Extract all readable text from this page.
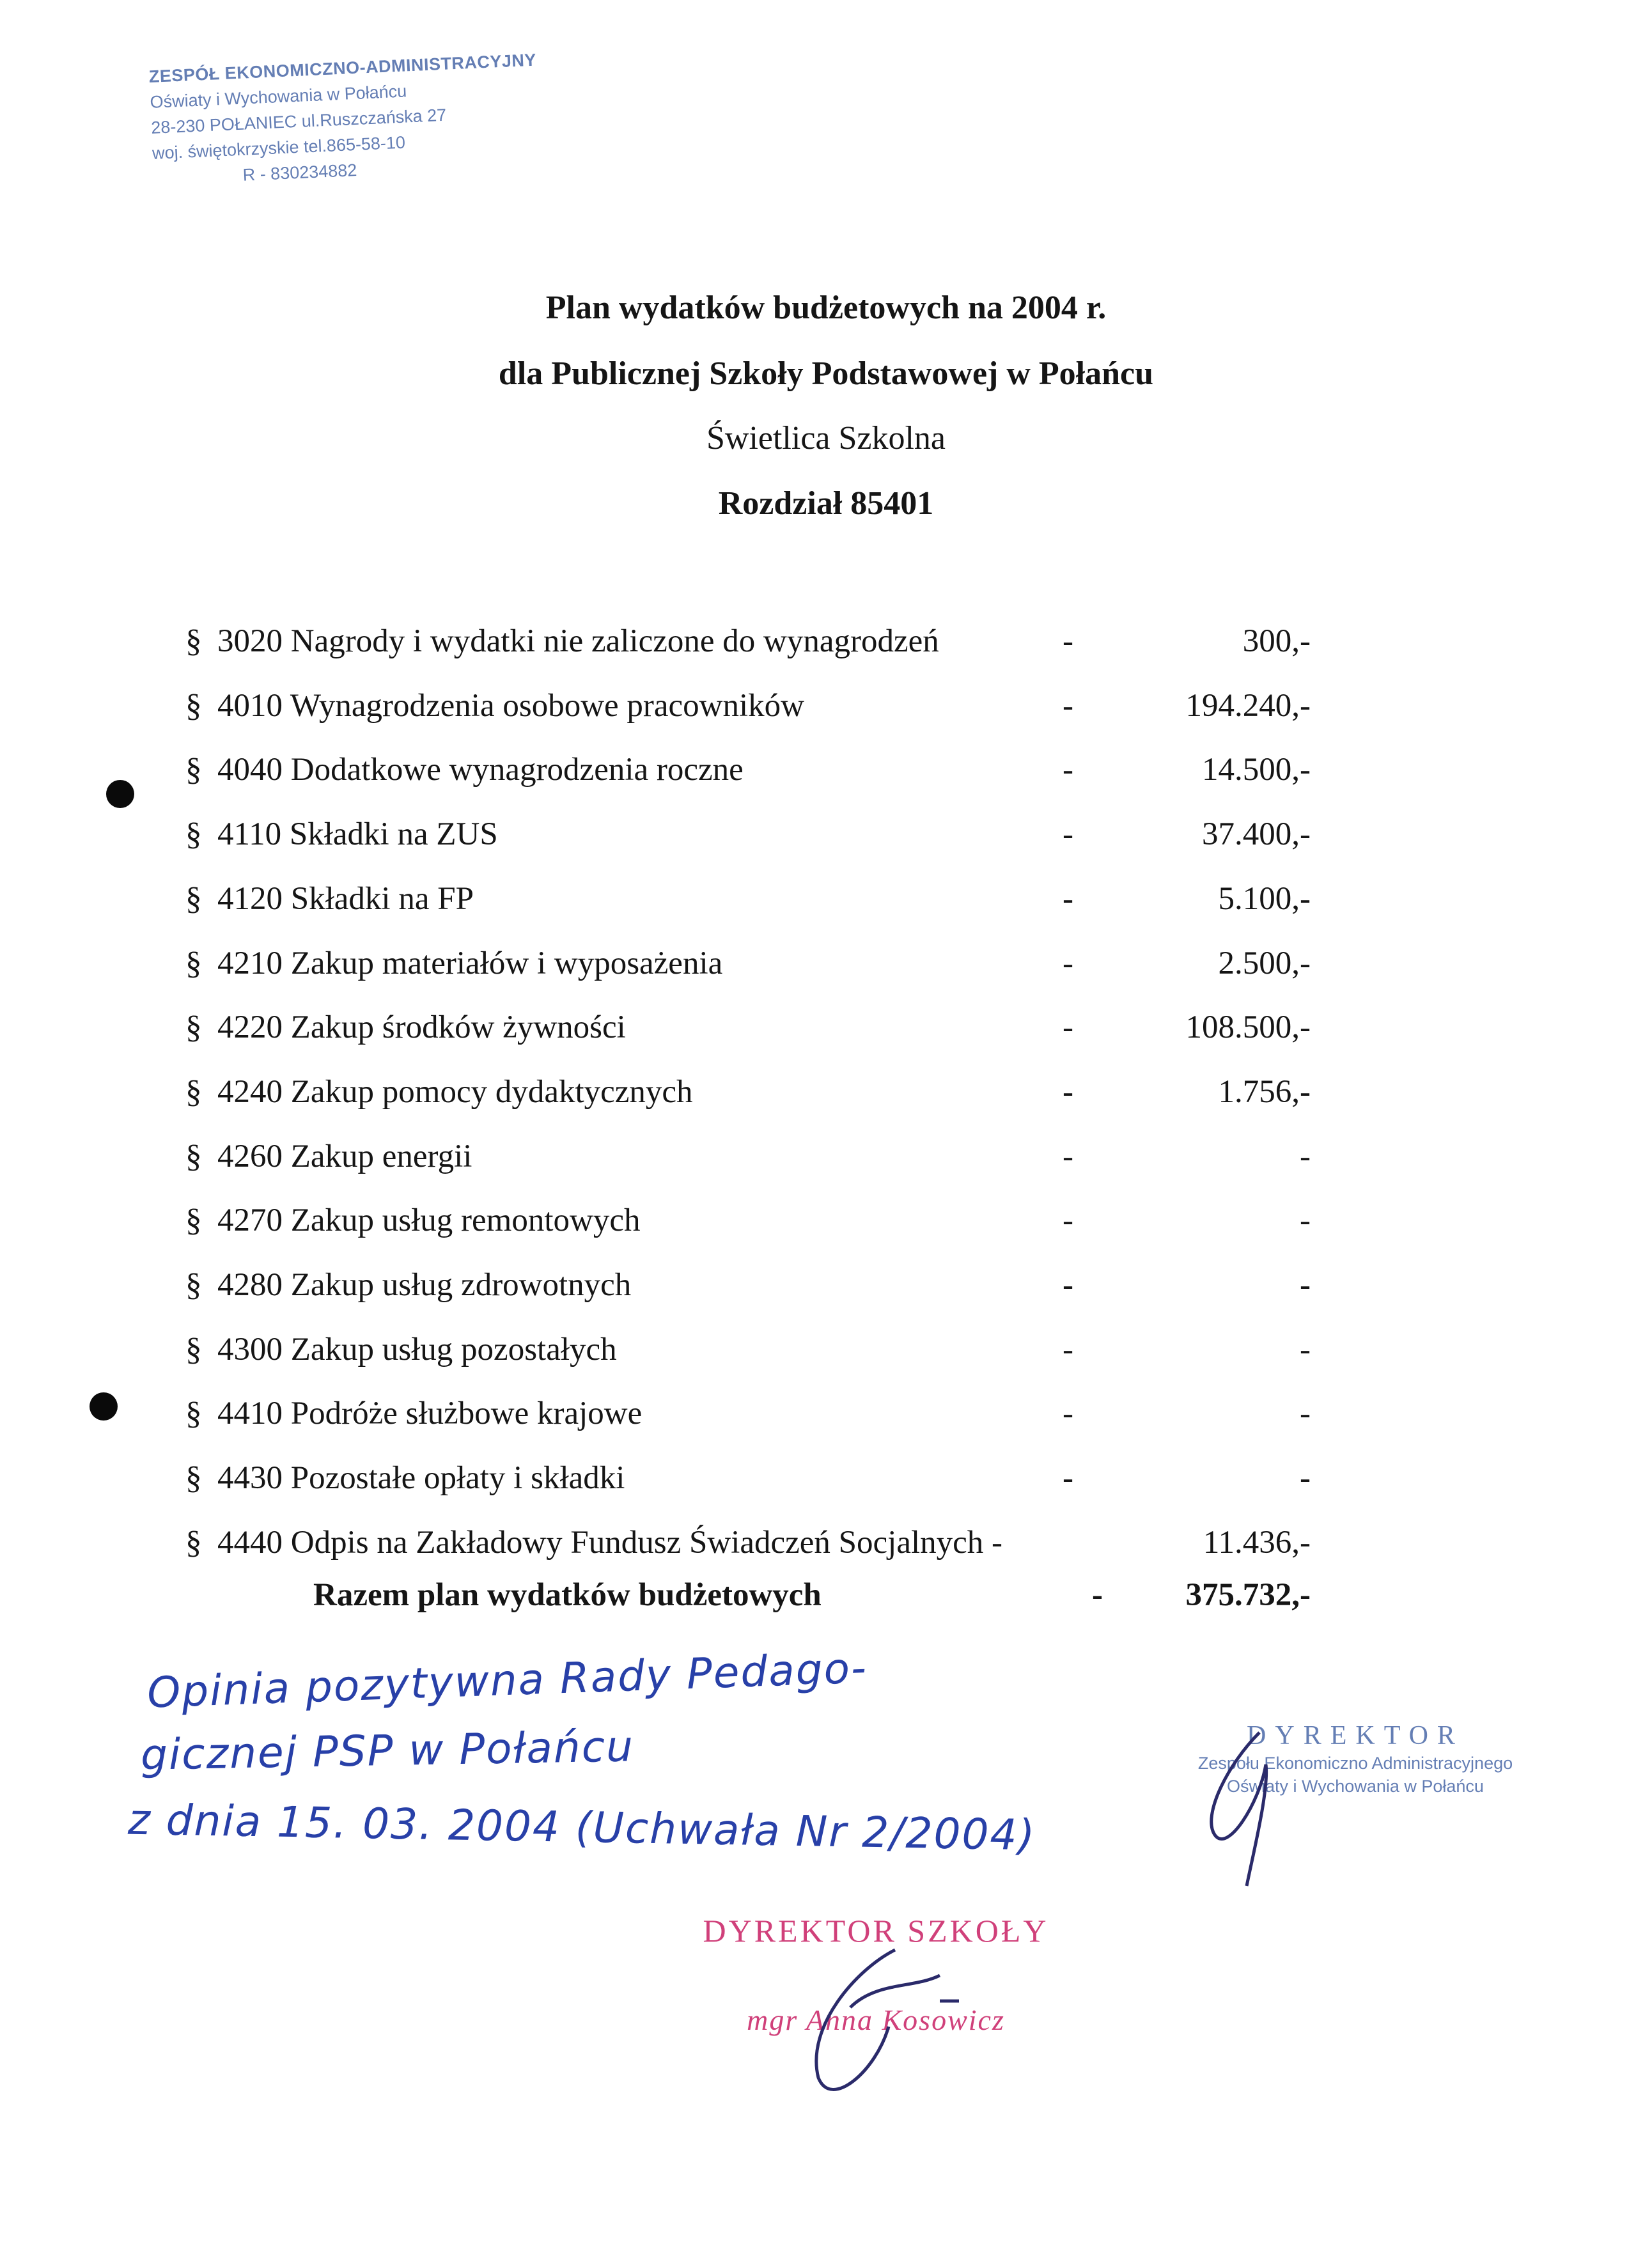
ZESPÓŁ EKONOMICZNO-ADMINISTRACYJNY
Oświaty i Wychowania w Połańcu
28-230 POŁANIEC ul.Ruszczańska 27
woj. świętokrzyskie tel.865-58-10
R - 830234882
Plan wydatków budżetowych na 2004 r.
dla Publicznej Szkoły Podstawowej w Połańcu
Świetlica Szkolna
Rozdział 85401
§ 3020 Nagrody i wydatki nie zaliczone do wynagrodzeń	-	300,-
§ 4010 Wynagrodzenia osobowe pracowników	-	194.240,-
§ 4040 Dodatkowe wynagrodzenia roczne	-	14.500,-
§ 4110 Składki na ZUS	-	37.400,-
§ 4120 Składki na FP	-	5.100,-
§ 4210 Zakup materiałów i wyposażenia	-	2.500,-
§ 4220 Zakup środków żywności	-	108.500,-
§ 4240 Zakup pomocy dydaktycznych	-	1.756,-
§ 4260 Zakup energii	-	-
§ 4270 Zakup usług remontowych	-	-
§ 4280 Zakup usług zdrowotnych	-	-
§ 4300 Zakup usług pozostałych	-	-
§ 4410 Podróże służbowe krajowe	-	-
§ 4430 Pozostałe opłaty i składki	-	-
§ 4440 Odpis na Zakładowy Fundusz Świadczeń Socjalnych -	11.436,-
Razem plan wydatków budżetowych	-	375.732,-
Opinia pozytywna Rady Pedago-
gicznej PSP w Połańcu
z dnia 15. 03. 2004 (Uchwała Nr 2/2004)
DYREKTOR
Zespołu Ekonomiczno Administracyjnego
Oświaty i Wychowania w Połańcu
DYREKTOR SZKOŁY
mgr Anna Kosowicz
